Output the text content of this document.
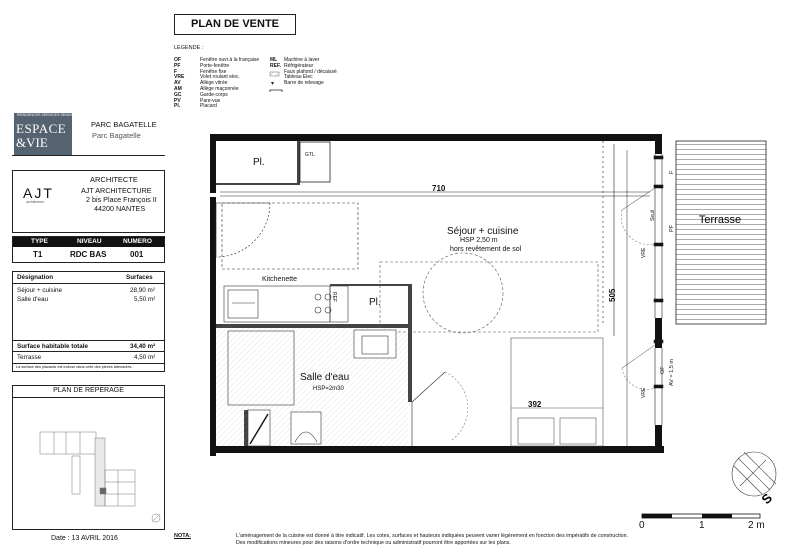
PLAN DE VENTE
LEGENDE :
OF	Fenêtre ouvr.à la française
PF	Porte-fenêtre
F	Fenêtre fixe
VRE	Volet roulant elec.
AV	Allège vitrée
AM	Allège maçonnée
GC	Garde-corps
PV	Pare-vue
Pl.	Placard
ML	Machine à laver
REF. Réfrigérateur
Faux plafond / décaissé
Tableau Elec
Barre de relevage
RESIDENCES SERVICES SENIORS
ESPACE
&VIE
PARC BAGATELLE
Parc Bagatelle
ARCHITECTE
AJT
architecture
AJT ARCHITECTURE
2 bis Place François II
44200 NANTES
TYPE	NIVEAU	NUMERO
T1	RDC BAS	001
Désignation	Surfaces
Séjour + cuisine	28,90 m²
Salle d'eau	5,50 m²
Surface habitable totale	34,40 m²
Terrasse	4,50 m²
La surface des placards est incluse dans celle des pièces attenantes.
PLAN DE REPERAGE
Date : 13 AVRIL 2016	NOTA:	L'aménagement de la cuisine est donné à titre indicatif. Les cotes, surfaces et hauteurs indiquées peuvent varier légèrement en fonction des impératifs de construction.
Des modifications mineures pour des raisons d'ordre technique ou administratif pourront être apportées sur les plans.
Terrasse
S
Pl.
GTL
710
Séjour + cuisine
HSP 2,50 m
hors revêtement de sol
Kitchenette
REF	Pl.
Salle d'eau
HSP=2m30
392
505
F
PF
VRE
Seuil
OF AV = 1,5 m
VRE
0	1	2 m
